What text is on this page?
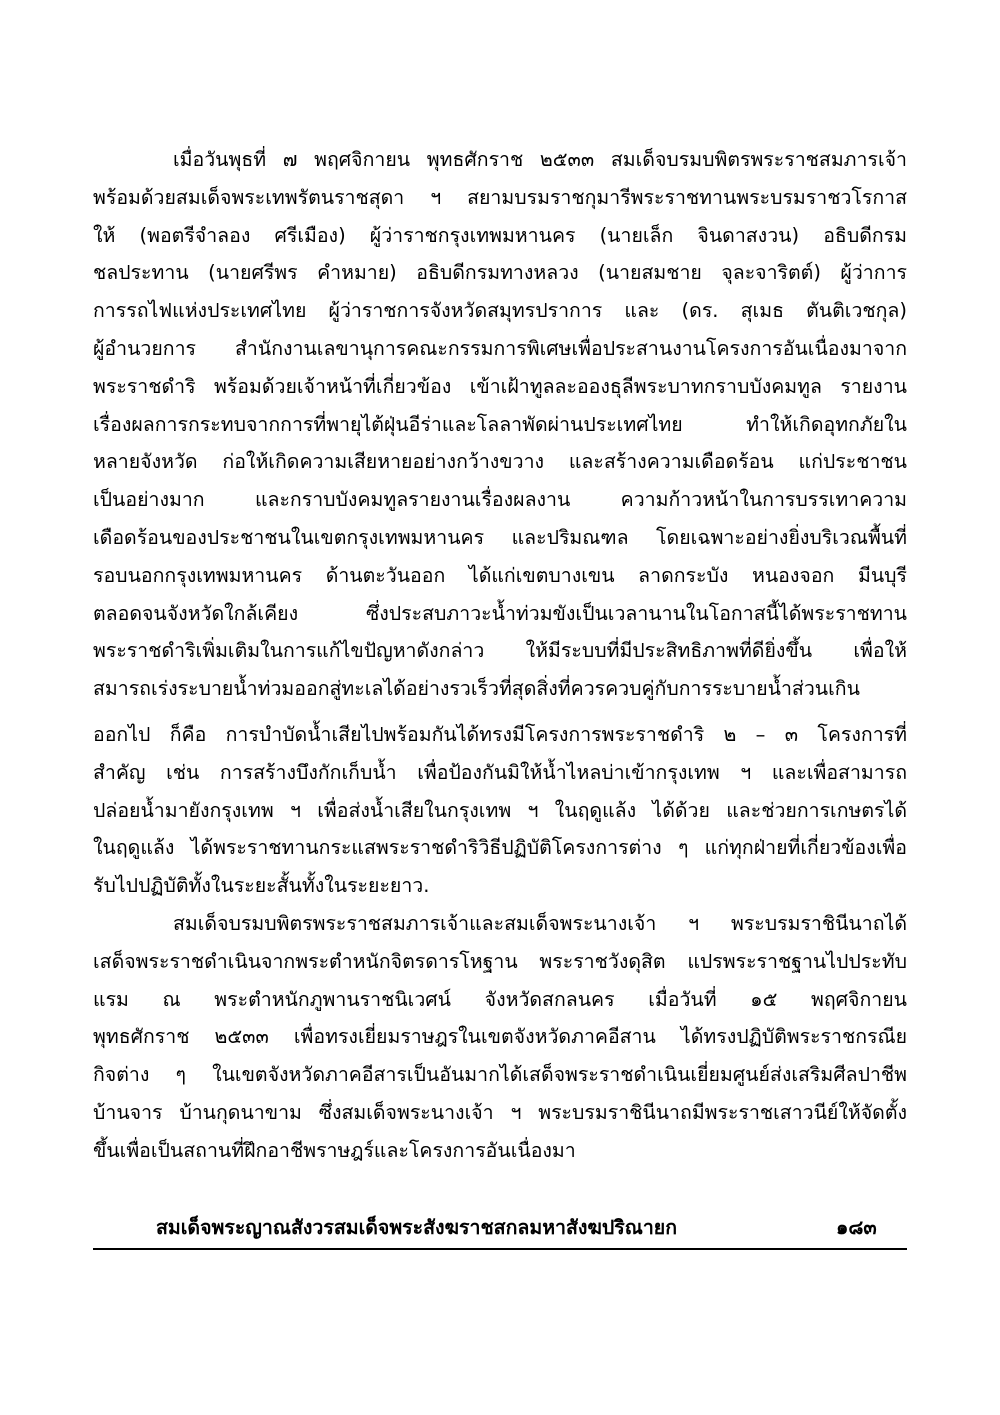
เมื่อวันพุธที่ ๗ พฤศจิกายน พุทธศักราช ๒๕๓๓ สมเด็จบรมบพิตรพระราชสมภารเจ้า
พร้อมด้วยสมเด็จพระเทพรัตนราชสุดา ฯ สยามบรมราชกุมารีพระราชทานพระบรมราชวโรกาส
ให้ (พอตรีจำลอง ศรีเมือง) ผู้ว่าราชกรุงเทพมหานคร (นายเล็ก จินดาสงวน) อธิบดีกรม
ชลประทาน (นายศรีพร คำหมาย) อธิบดีกรมทางหลวง (นายสมชาย จุละจาริตต์) ผู้ว่าการ
การรถไฟแห่งประเทศไทย ผู้ว่าราชการจังหวัดสมุทรปราการ และ (ดร. สุเมธ ตันติเวชกุล)
ผู้อำนวยการ สำนักงานเลขานุการคณะกรรมการพิเศษเพื่อประสานงานโครงการอันเนื่องมาจาก
พระราชดำริ พร้อมด้วยเจ้าหน้าที่เกี่ยวข้อง เข้าเฝ้าทูลละอองธุลีพระบาทกราบบังคมทูล รายงาน
เรื่องผลการกระทบจากการที่พายุไต้ฝุ่นอีร่าและโลลาพัดผ่านประเทศไทย ทำให้เกิดอุทกภัยใน
หลายจังหวัด ก่อให้เกิดความเสียหายอย่างกว้างขวาง และสร้างความเดือดร้อน แก่ประชาชน
เป็นอย่างมาก และกราบบังคมทูลรายงานเรื่องผลงาน ความก้าวหน้าในการบรรเทาความ
เดือดร้อนของประชาชนในเขตกรุงเทพมหานคร และปริมณฑล โดยเฉพาะอย่างยิ่งบริเวณพื้นที่
รอบนอกกรุงเทพมหานคร ด้านตะวันออก ได้แก่เขตบางเขน ลาดกระบัง หนองจอก มีนบุรี
ตลอดจนจังหวัดใกล้เคียง ซึ่งประสบภาวะน้ำท่วมขังเป็นเวลานานในโอกาสนี้ได้พระราชทาน
พระราชดำริเพิ่มเติมในการแก้ไขปัญหาดังกล่าว ให้มีระบบที่มีประสิทธิภาพที่ดียิ่งขึ้น เพื่อให้
สมารถเร่งระบายน้ำท่วมออกสู่ทะเลได้อย่างรวเร็วที่สุดสิ่งที่ควรควบคู่กับการระบายน้ำส่วนเกิน
ออกไป ก็คือ การบำบัดน้ำเสียไปพร้อมกันได้ทรงมีโครงการพระราชดำริ ๒ – ๓ โครงการที่
สำคัญ เช่น การสร้างบึงกักเก็บน้ำ เพื่อป้องกันมิให้น้ำไหลบ่าเข้ากรุงเทพ ฯ และเพื่อสามารถ
ปล่อยน้ำมายังกรุงเทพ ฯ เพื่อส่งน้ำเสียในกรุงเทพ ฯ ในฤดูแล้ง ได้ด้วย และช่วยการเกษตรได้
ในฤดูแล้ง ได้พระราชทานกระแสพระราชดำริวิธีปฏิบัติโครงการต่าง ๆ แก่ทุกฝ่ายที่เกี่ยวข้องเพื่อ
รับไปปฏิบัติทั้งในระยะสั้นทั้งในระยะยาว.
สมเด็จบรมบพิตรพระราชสมภารเจ้าและสมเด็จพระนางเจ้า ฯ พระบรมราชินีนาถได้
เสด็จพระราชดำเนินจากพระตำหนักจิตรดารโหฐาน พระราชวังดุสิต แปรพระราชฐานไปประทับ
แรม ณ พระตำหนักภูพานราชนิเวศน์ จังหวัดสกลนคร เมื่อวันที่ ๑๕ พฤศจิกายน
พุทธศักราช ๒๕๓๓ เพื่อทรงเยี่ยมราษฎรในเขตจังหวัดภาคอีสาน ได้ทรงปฏิบัติพระราชกรณีย
กิจต่าง ๆ ในเขตจังหวัดภาคอีสารเป็นอันมากได้เสด็จพระราชดำเนินเยี่ยมศูนย์ส่งเสริมศีลปาชีพ
บ้านจาร บ้านกุดนาขาม ซึ่งสมเด็จพระนางเจ้า ฯ พระบรมราชินีนาถมีพระราชเสาวนีย์ให้จัดตั้ง
ขึ้นเพื่อเป็นสถานที่ฝึกอาชีพราษฎร์และโครงการอันเนื่องมา
สมเด็จพระญาณสังวรสมเด็จพระสังฆราชสกลมหาสังฆปริณายก	๑๘๓
